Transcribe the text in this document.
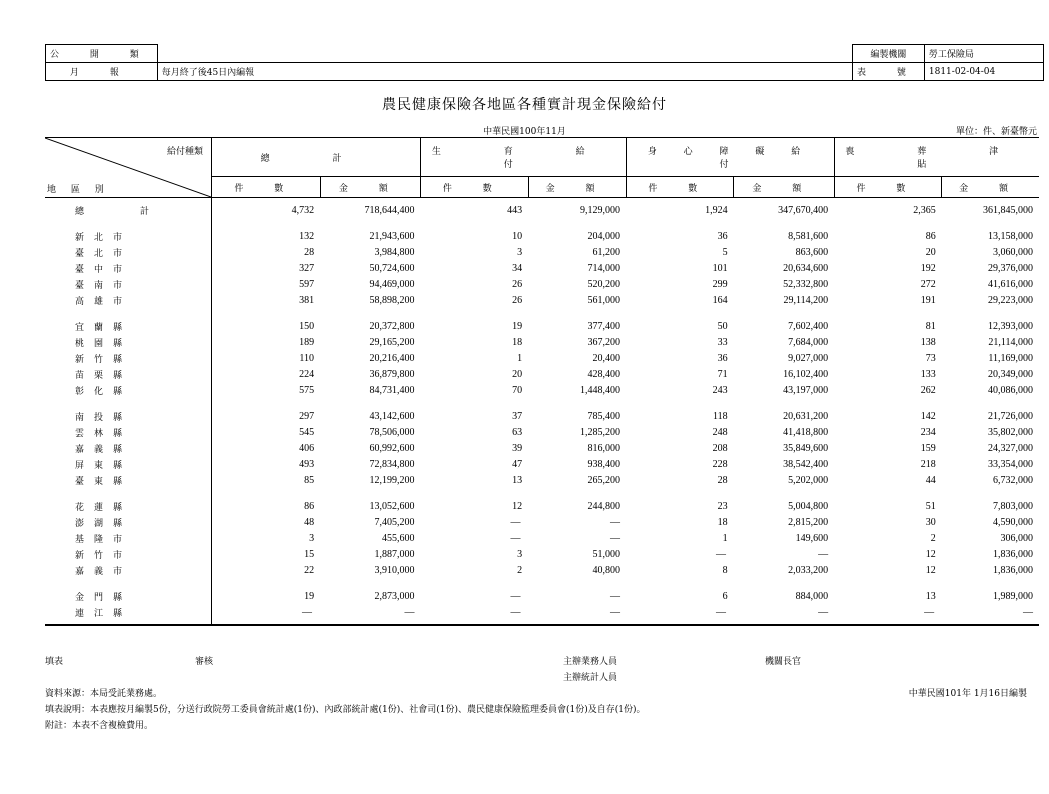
公 開 類	
月 報	每月終了後45日內編報
編製機關	勞工保險局
表 號	1811-02-04-04
農民健康保險各地區各種實計現金保險給付
中華民國100年11月	單位：件、新臺幣元
給付種類
地 區 別	總 計		生 育 給 付		身 心 障 礙 給 付		喪 葬 津 貼	
	件 數	金 額	件 數	金 額	件 數	金 額	件 數	金 額
總計	4,732	718,644,400	443	9,129,000	1,924	347,670,400	2,365	361,845,000

新北市	132	21,943,600	10	204,000	36	8,581,600	86	13,158,000
臺北市	28	3,984,800	3	61,200	5	863,600	20	3,060,000
臺中市	327	50,724,600	34	714,000	101	20,634,600	192	29,376,000
臺南市	597	94,469,000	26	520,200	299	52,332,800	272	41,616,000
高雄市	381	58,898,200	26	561,000	164	29,114,200	191	29,223,000

宜蘭縣	150	20,372,800	19	377,400	50	7,602,400	81	12,393,000
桃園縣	189	29,165,200	18	367,200	33	7,684,000	138	21,114,000
新竹縣	110	20,216,400	1	20,400	36	9,027,000	73	11,169,000
苗栗縣	224	36,879,800	20	428,400	71	16,102,400	133	20,349,000
彰化縣	575	84,731,400	70	1,448,400	243	43,197,000	262	40,086,000

南投縣	297	43,142,600	37	785,400	118	20,631,200	142	21,726,000
雲林縣	545	78,506,000	63	1,285,200	248	41,418,800	234	35,802,000
嘉義縣	406	60,992,600	39	816,000	208	35,849,600	159	24,327,000
屏東縣	493	72,834,800	47	938,400	228	38,542,400	218	33,354,000
臺東縣	85	12,199,200	13	265,200	28	5,202,000	44	6,732,000

花蓮縣	86	13,052,600	12	244,800	23	5,004,800	51	7,803,000
澎湖縣	48	7,405,200	—	—	18	2,815,200	30	4,590,000
基隆市	3	455,600	—	—	1	149,600	2	306,000
新竹市	15	1,887,000	3	51,000	—	—	12	1,836,000
嘉義市	22	3,910,000	2	40,800	8	2,033,200	12	1,836,000

金門縣	19	2,873,000	—	—	6	884,000	13	1,989,000
連江縣	—	—	—	—	—	—	—	—
填表	審核	主辦業務人員
主辦統計人員
機關長官
資料來源：本局受託業務處。
填表說明：本表應按月編製5份，分送行政院勞工委員會統計處(1份)、內政部統計處(1份)、社會司(1份)、農民健康保險監理委員會(1份)及自存(1份)。
附註：本表不含複檢費用。
中華民國101年 1月16日編製
